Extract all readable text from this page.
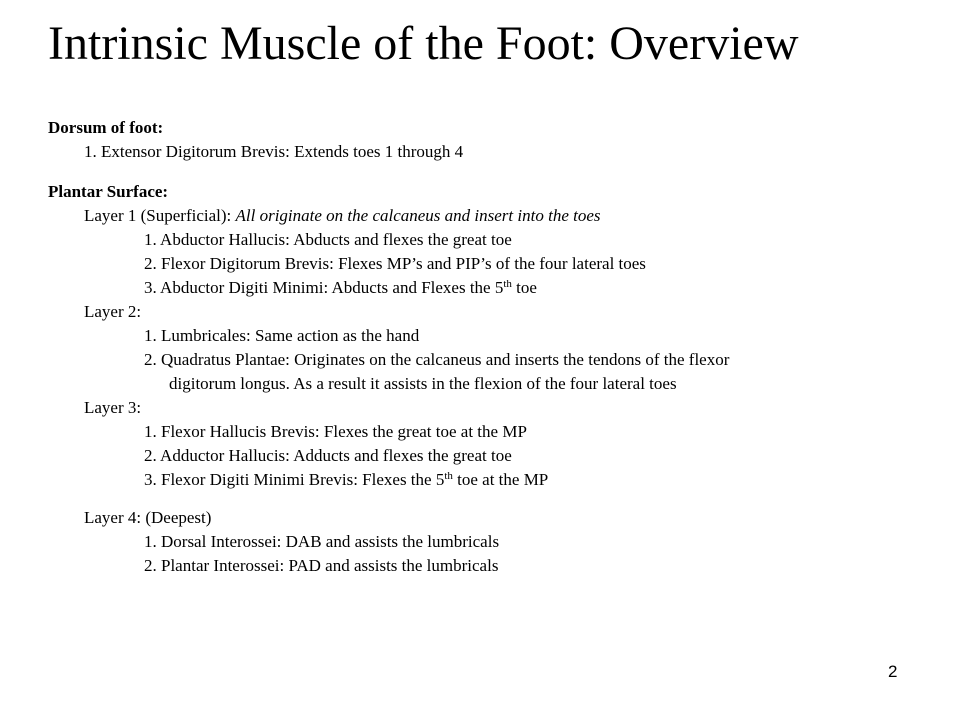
Intrinsic Muscle of the Foot: Overview
Dorsum of foot:
1. Extensor Digitorum Brevis: Extends toes 1 through 4
Plantar Surface:
Layer 1 (Superficial): All originate on the calcaneus and insert into the toes
1. Abductor Hallucis: Abducts and flexes the great toe
2. Flexor Digitorum Brevis: Flexes MP’s and PIP’s of the four lateral toes
3. Abductor Digiti Minimi: Abducts and Flexes the 5th toe
Layer 2:
1. Lumbricales: Same action as the hand
2. Quadratus Plantae: Originates on the calcaneus and inserts the tendons of the flexor
digitorum longus. As a result it assists in the flexion of the four lateral toes
Layer 3:
1. Flexor Hallucis Brevis: Flexes the great toe at the MP
2. Adductor Hallucis: Adducts and flexes the great toe
3. Flexor Digiti Minimi Brevis: Flexes the 5th toe at the MP
Layer 4: (Deepest)
1. Dorsal Interossei: DAB and assists the lumbricals
2. Plantar Interossei: PAD and assists the lumbricals
2
